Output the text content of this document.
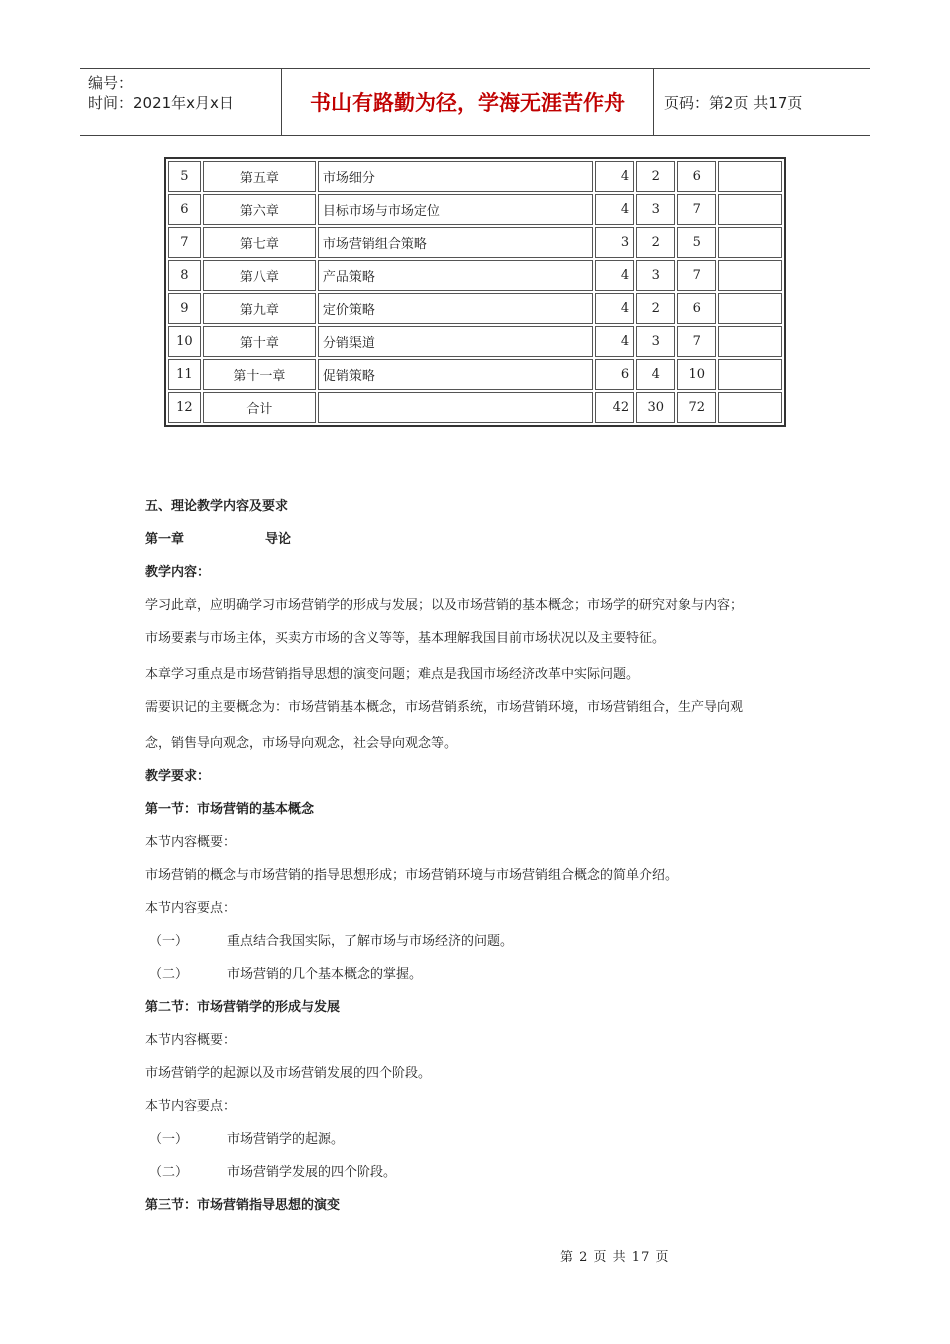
编号：
时间：2021年x月x日	书山有路勤为径，学海无涯苦作舟	页码：第2页 共17页
5	第五章	市场细分	4	2	6	
6	第六章	目标市场与市场定位	4	3	7	
7	第七章	市场营销组合策略	3	2	5	
8	第八章	产品策略	4	3	7	
9	第九章	定价策略	4	2	6	
10	第十章	分销渠道	4	3	7	
11	第十一章	促销策略	6	4	10	
12	合计		42	30	72	
五、理论教学内容及要求
第一章	导论
教学内容：
学习此章，应明确学习市场营销学的形成与发展；以及市场营销的基本概念；市场学的研究对象与内容；
市场要素与市场主体，买卖方市场的含义等等，基本理解我国目前市场状况以及主要特征。
本章学习重点是市场营销指导思想的演变问题；难点是我国市场经济改革中实际问题。
需要识记的主要概念为：市场营销基本概念，市场营销系统，市场营销环境，市场营销组合，生产导向观
念，销售导向观念，市场导向观念，社会导向观念等。
教学要求：
第一节：市场营销的基本概念
本节内容概要：
市场营销的概念与市场营销的指导思想形成；市场营销环境与市场营销组合概念的简单介绍。
本节内容要点：
（一）	重点结合我国实际，了解市场与市场经济的问题。
（二）	市场营销的几个基本概念的掌握。
第二节：市场营销学的形成与发展
本节内容概要：
市场营销学的起源以及市场营销发展的四个阶段。
本节内容要点：
（一）	市场营销学的起源。
（二）	市场营销学发展的四个阶段。
第三节：市场营销指导思想的演变
第 2 页 共 17 页
